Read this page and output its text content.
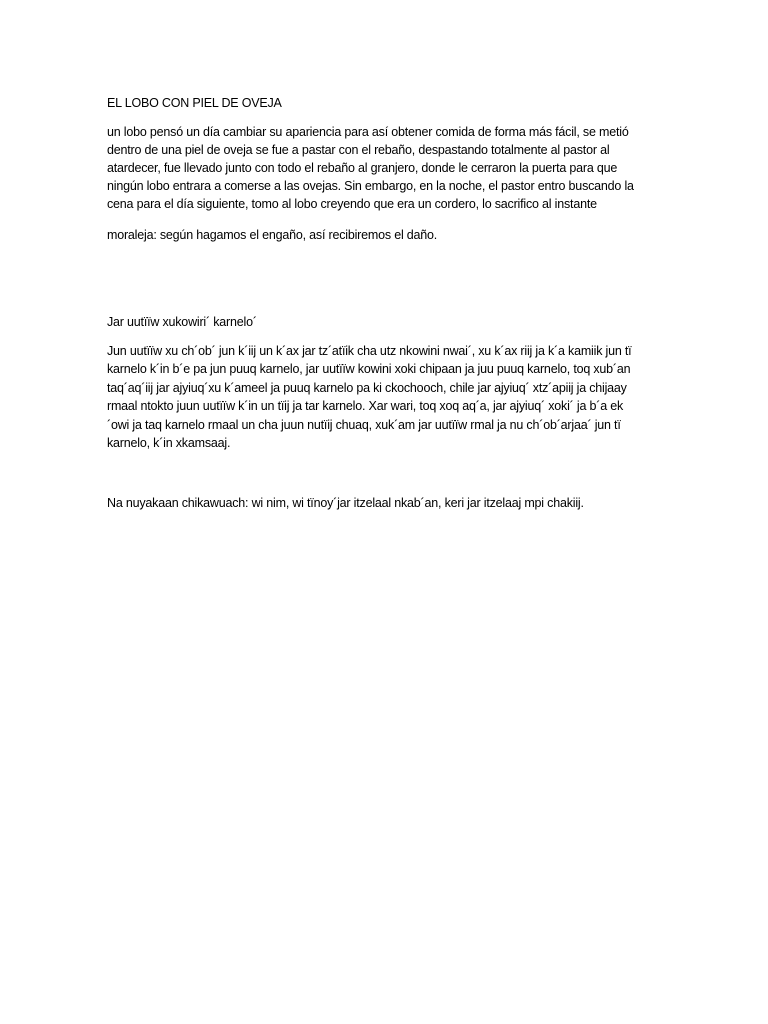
EL LOBO CON PIEL DE OVEJA
un lobo pensó un día cambiar su apariencia para así obtener comida de forma más fácil, se metió
dentro de una piel de oveja se fue a pastar con el rebaño, despastando totalmente al pastor al
atardecer, fue llevado junto con todo el rebaño al granjero, donde le cerraron la puerta para que
ningún lobo entrara a comerse a las ovejas. Sin embargo, en la noche, el pastor entro buscando la
cena para el día siguiente, tomo al lobo creyendo que era un cordero, lo sacrifico al instante
moraleja: según hagamos el engaño, así recibiremos el daño.
Jar uutïïw xukowiri´ karnelo´
Jun uutïïw xu ch´ob´ jun k´iij un k´ax jar tz´atïik cha utz nkowini nwai´, xu k´ax riij ja k´a kamiik jun tï
karnelo k´in b´e pa jun puuq karnelo, jar uutïïw kowini xoki chipaan ja juu puuq karnelo, toq xub´an
taq´aq´iij jar ajyiuq´xu k´ameel ja puuq karnelo pa ki ckochooch, chile jar ajyiuq´ xtz´apiij ja chijaay
rmaal ntokto juun uutïïw k´in un tïij ja tar karnelo. Xar wari, toq xoq aq´a, jar ajyiuq´ xoki´ ja b´a ek
´owi ja taq karnelo rmaal un cha juun nutïij chuaq, xuk´am jar uutïïw rmal ja nu ch´ob´arjaa´ jun tï
karnelo, k´in xkamsaaj.
Na nuyakaan chikawuach: wi nim, wi tïnoy´jar itzelaal nkab´an, keri jar itzelaaj mpi chakiij.
